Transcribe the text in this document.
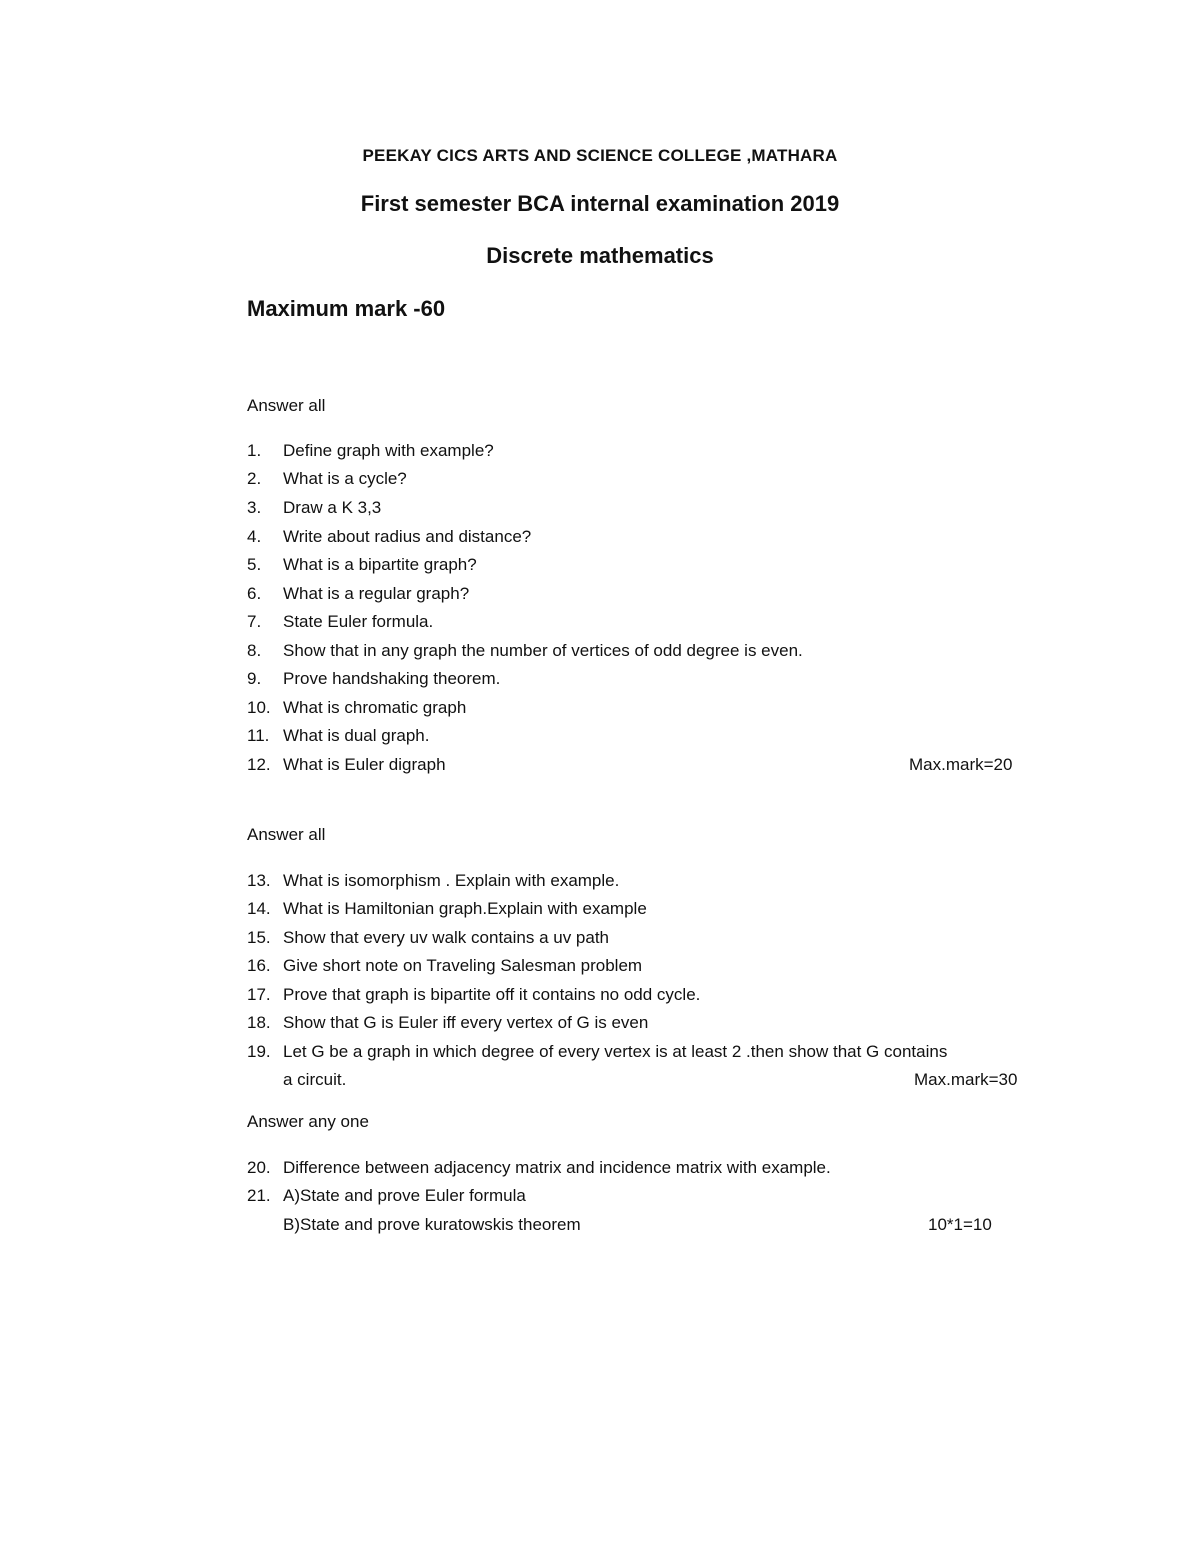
PEEKAY CICS ARTS AND SCIENCE COLLEGE ,MATHARA
First semester BCA internal examination 2019
Discrete mathematics
Maximum mark -60
Answer all
1. Define graph with example?
2. What is a cycle?
3. Draw a K 3,3
4. Write about radius and distance?
5. What is a bipartite graph?
6. What is a regular graph?
7. State Euler formula.
8. Show that in any graph the number of vertices of odd degree is even.
9. Prove handshaking theorem.
10. What is chromatic graph
11. What is dual graph.
12. What is Euler digraph	Max.mark=20
Answer all
13. What is isomorphism . Explain with example.
14. What is Hamiltonian graph.Explain with example
15. Show that every uv walk contains a uv path
16. Give short note on Traveling Salesman problem
17. Prove that graph is bipartite off it contains no odd cycle.
18. Show that G is Euler iff every vertex of G is even
19. Let G be a graph in which degree of every vertex is at least 2 .then show that G contains
a circuit.	Max.mark=30
Answer any one
20. Difference between adjacency matrix and incidence matrix with example.
21. A)State and prove Euler formula
B)State and prove kuratowskis theorem	10*1=10
